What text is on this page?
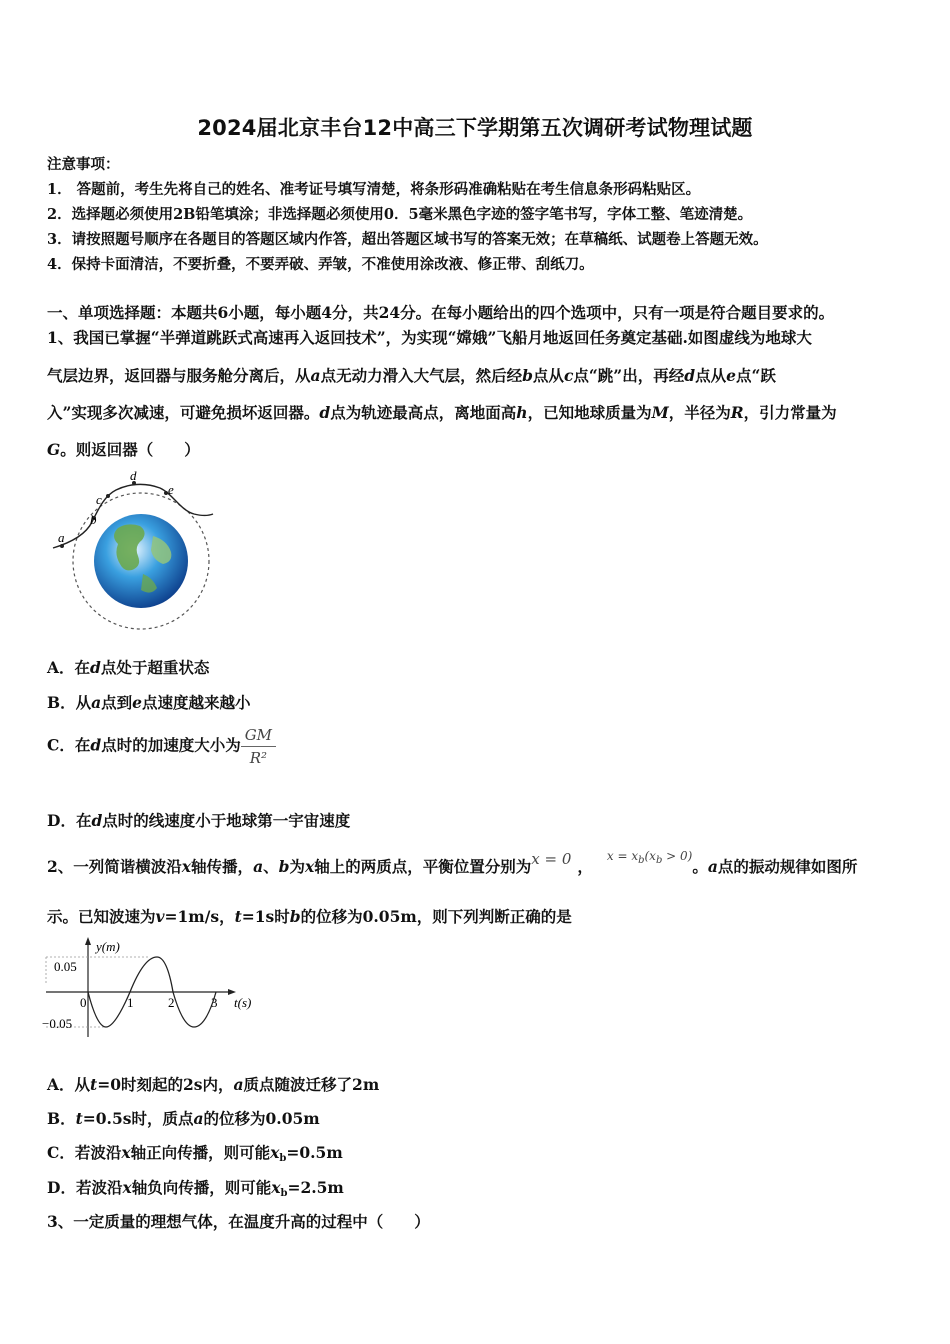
2024届北京丰台12中高三下学期第五次调研考试物理试题
注意事项：
1． 答题前，考生先将自己的姓名、准考证号填写清楚，将条形码准确粘贴在考生信息条形码粘贴区。
2．选择题必须使用2B铅笔填涂；非选择题必须使用0．5毫米黑色字迹的签字笔书写，字体工整、笔迹清楚。
3．请按照题号顺序在各题目的答题区域内作答，超出答题区域书写的答案无效；在草稿纸、试题卷上答题无效。
4．保持卡面清洁，不要折叠，不要弄破、弄皱，不准使用涂改液、修正带、刮纸刀。
一、单项选择题：本题共6小题，每小题4分，共24分。在每小题给出的四个选项中，只有一项是符合题目要求的。
1、我国已掌握“半弹道跳跃式高速再入返回技术”，为实现“嫦娥”飞船月地返回任务奠定基础.如图虚线为地球大
气层边界，返回器与服务舱分离后，从a点无动力滑入大气层，然后经b点从c点“跳”出，再经d点从e点“跃
入”实现多次减速，可避免损坏返回器。d点为轨迹最高点，离地面高h，已知地球质量为M，半径为R，引力常量为
G。则返回器（　　）
a
b
c
d
e
A．在d点处于超重状态
B．从a点到e点速度越来越小
C．在d点时的加速度大小为 $\frac{GM}{\text{R²}}$
D．在d点时的线速度小于地球第一宇宙速度
2、一列简谐横波沿x轴传播，a、b为x轴上的两质点，平衡位置分别为x = 0 ，$^{x = x_b(x_b > 0)}$。a点的振动规律如图所
示。已知波速为v=1m/s，t=1s时b的位移为0.05m，则下列判断正确的是
y(m)
0.05
−0.05
0	1	2	3 t(s)
A．从t=0时刻起的2s内，a质点随波迁移了2m
B．t=0.5s时，质点a的位移为0.05m
C．若波沿x轴正向传播，则可能$x_b=0.5m$
D．若波沿x轴负向传播，则可能$x_b=2.5m$
3、一定质量的理想气体，在温度升高的过程中（　　）
